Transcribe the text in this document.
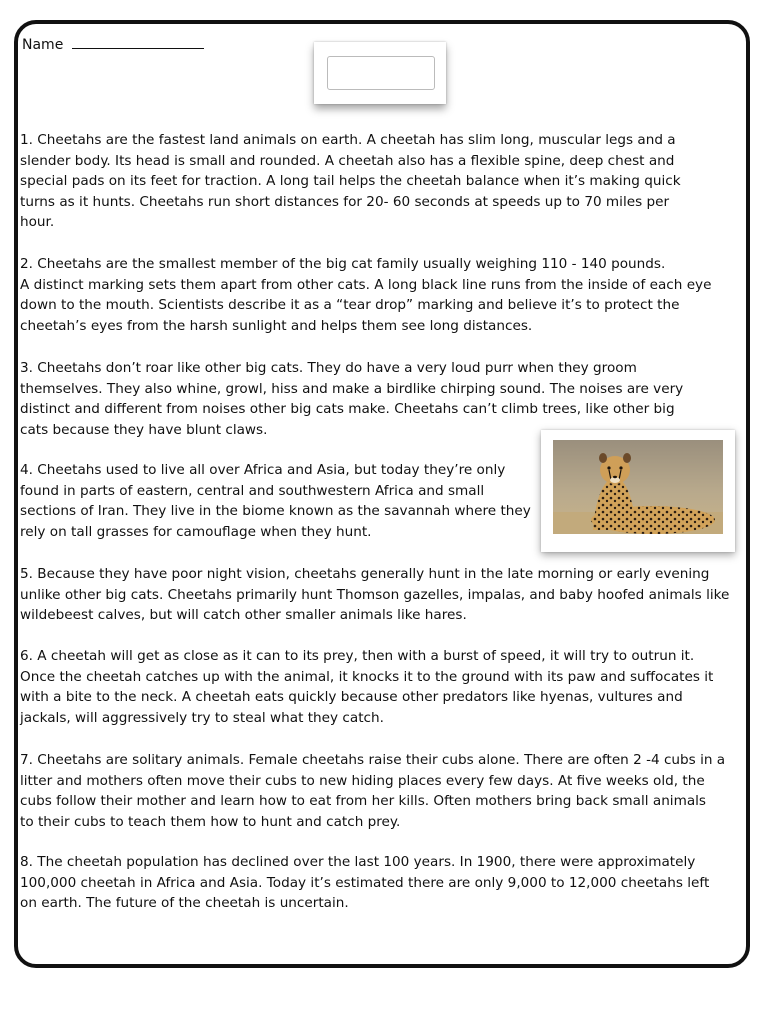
Name
1. Cheetahs are the fastest land animals on earth. A cheetah has slim long, muscular legs and a
slender body. Its head is small and rounded. A cheetah also has a flexible spine, deep chest and
special pads on its feet for traction. A long tail helps the cheetah balance when it’s making quick
turns as it hunts. Cheetahs run short distances for 20- 60 seconds at speeds up to 70 miles per
hour.
2. Cheetahs are the smallest member of the big cat family usually weighing 110 - 140 pounds.
A distinct marking sets them apart from other cats. A long black line runs from the inside of each eye
down to the mouth. Scientists describe it as a “tear drop” marking and believe it’s to protect the
cheetah’s eyes from the harsh sunlight and helps them see long distances.
3. Cheetahs don’t roar like other big cats. They do have a very loud purr when they groom
themselves. They also whine, growl, hiss and make a birdlike chirping sound. The noises are very
distinct and different from noises other big cats make. Cheetahs can’t climb trees, like other big
cats because they have blunt claws.
4. Cheetahs used to live all over Africa and Asia, but today they’re only
found in parts of eastern, central and southwestern Africa and small
sections of Iran. They live in the biome known as the savannah where they
rely on tall grasses for camouflage when they hunt.
5. Because they have poor night vision, cheetahs generally hunt in the late morning or early evening
unlike other big cats. Cheetahs primarily hunt Thomson gazelles, impalas, and baby hoofed animals like
wildebeest calves, but will catch other smaller animals like hares.
6. A cheetah will get as close as it can to its prey, then with a burst of speed, it will try to outrun it.
Once the cheetah catches up with the animal, it knocks it to the ground with its paw and suffocates it
with a bite to the neck. A cheetah eats quickly because other predators like hyenas, vultures and
jackals, will aggressively try to steal what they catch.
7. Cheetahs are solitary animals. Female cheetahs raise their cubs alone. There are often 2 -4 cubs in a
litter and mothers often move their cubs to new hiding places every few days. At five weeks old, the
cubs follow their mother and learn how to eat from her kills. Often mothers bring back small animals
to their cubs to teach them how to hunt and catch prey.
8. The cheetah population has declined over the last 100 years. In 1900, there were approximately
100,000 cheetah in Africa and Asia. Today it’s estimated there are only 9,000 to 12,000 cheetahs left
on earth. The future of the cheetah is uncertain.
